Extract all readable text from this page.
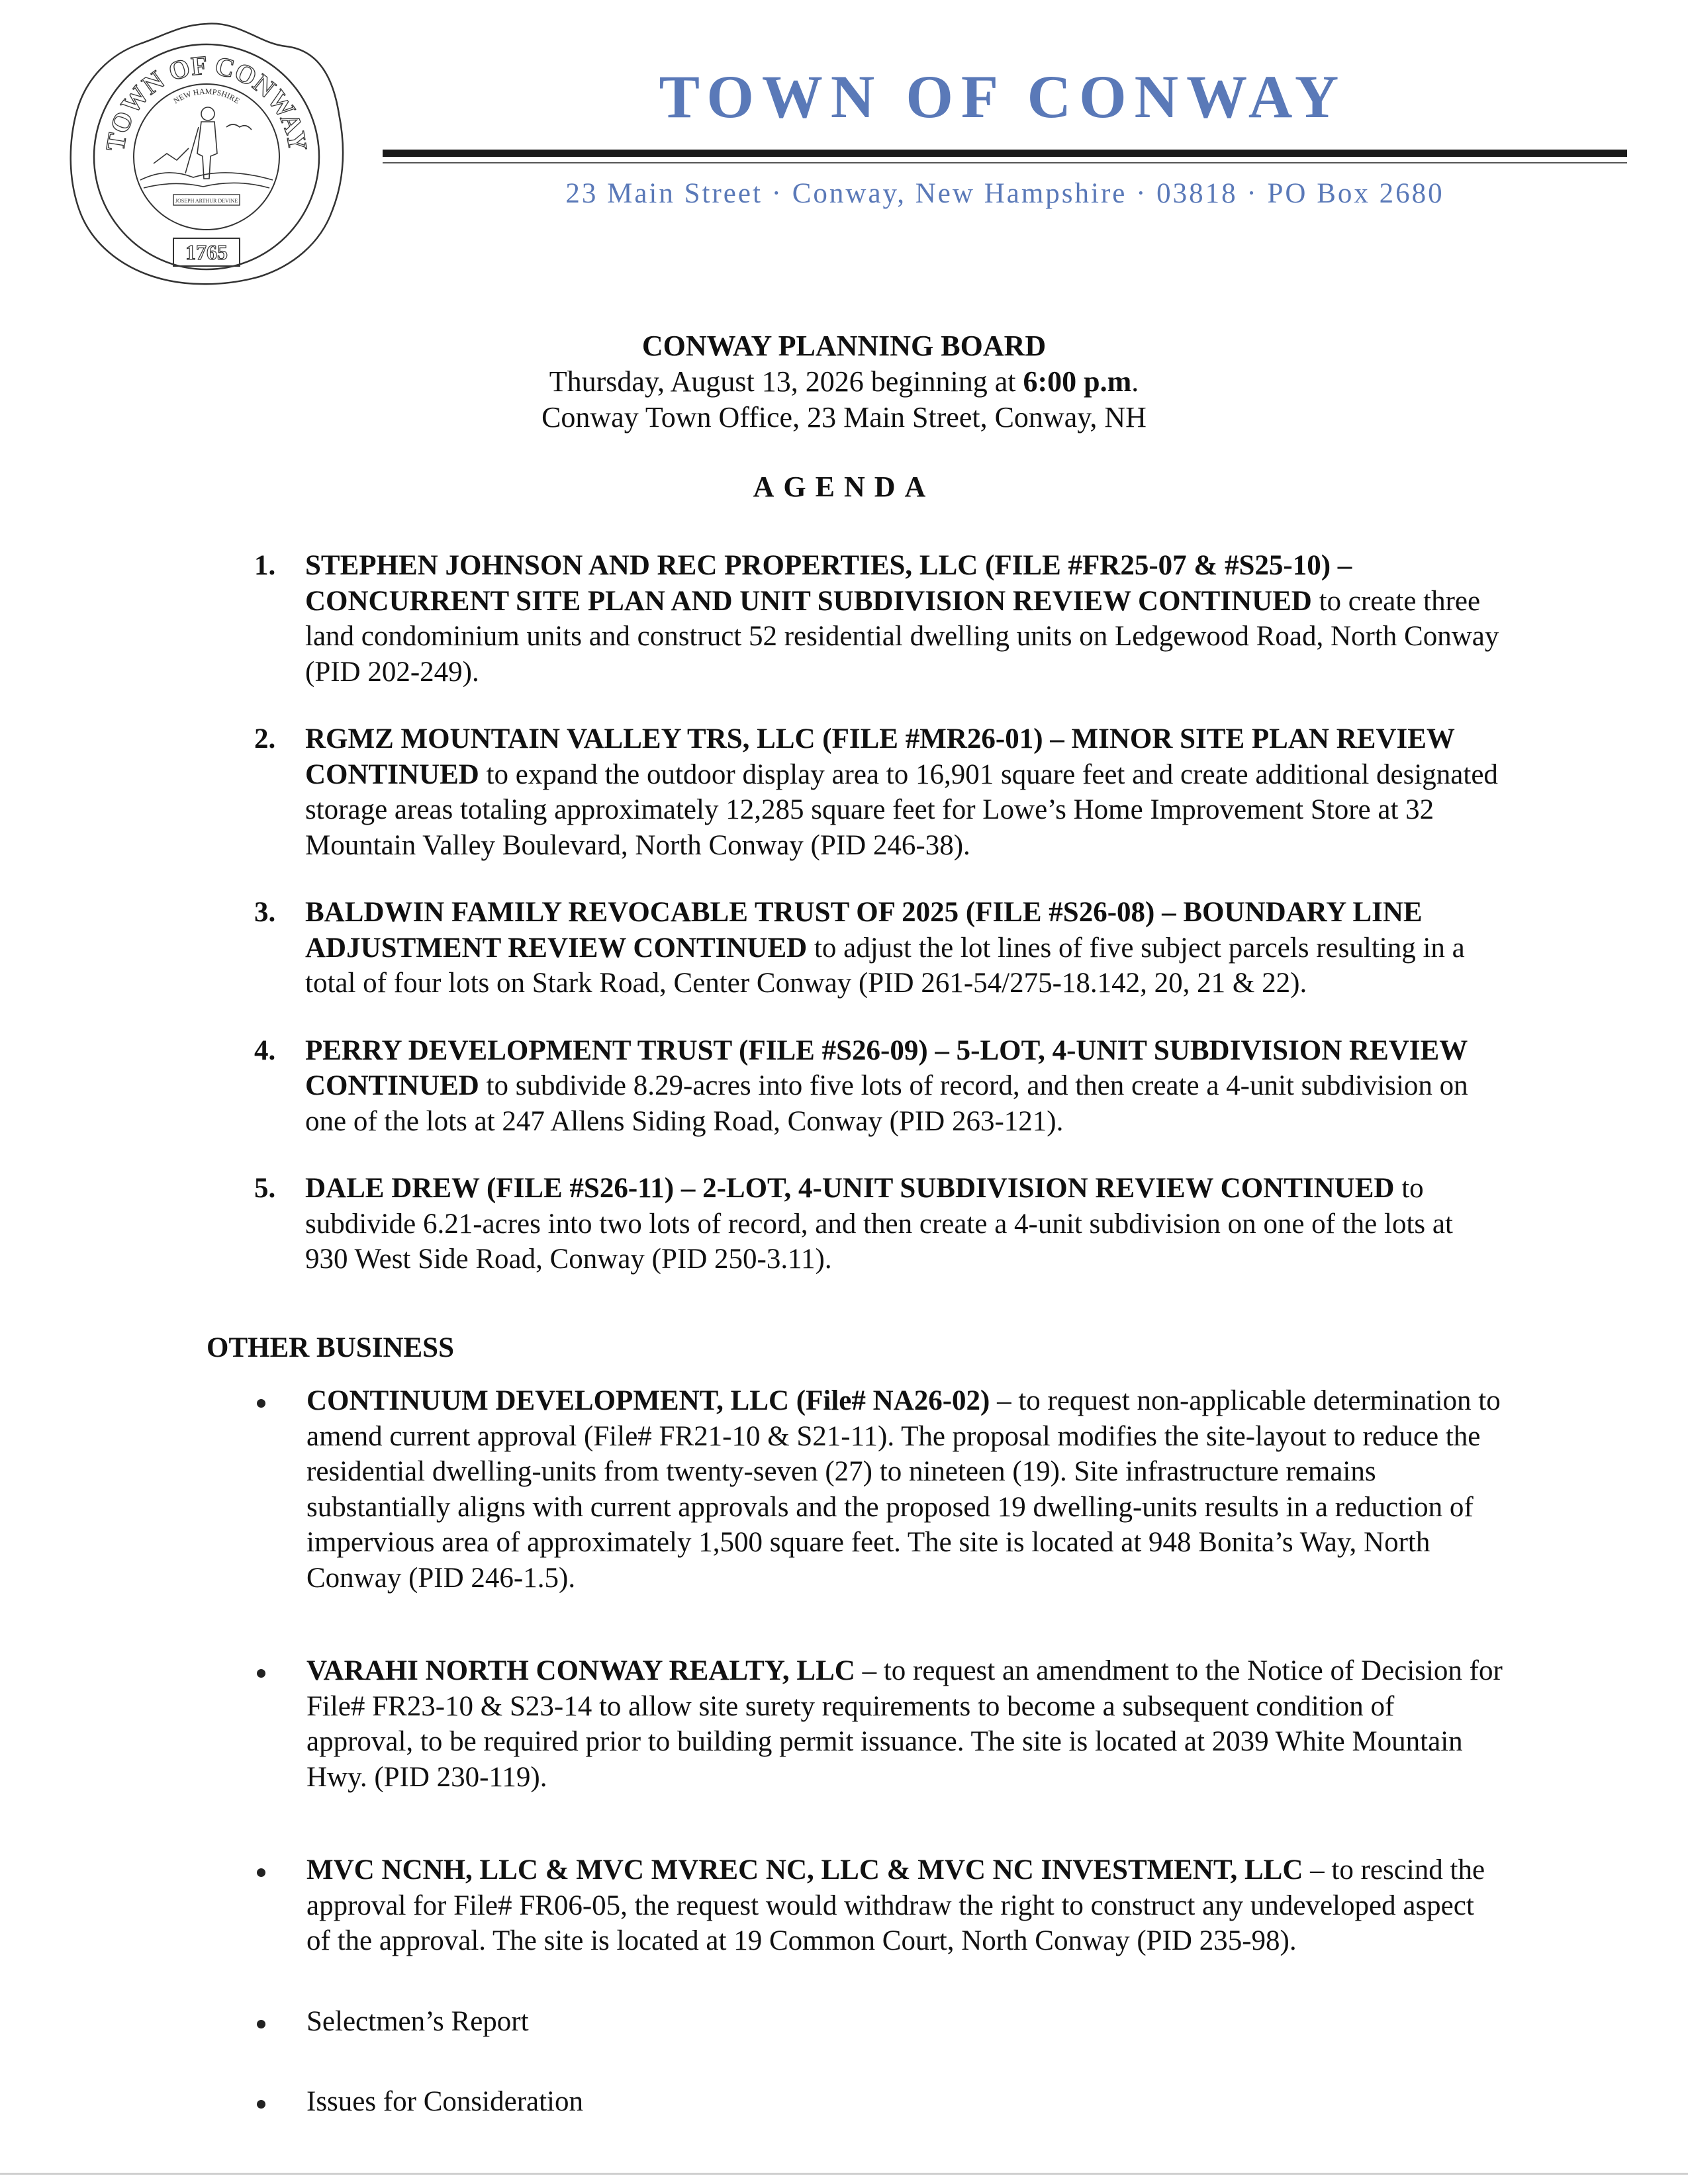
TOWN OF CONWAY
NEW HAMPSHIRE
JOSEPH ARTHUR DEVINE
1765
TOWN OF CONWAY
23 Main Street · Conway, New Hampshire · 03818 · PO Box 2680
CONWAY PLANNING BOARD
Thursday, August 13, 2026 beginning at 6:00 p.m.
Conway Town Office, 23 Main Street, Conway, NH
AGENDA
1. STEPHEN JOHNSON AND REC PROPERTIES, LLC (FILE #FR25-07 & #S25-10) – CONCURRENT SITE PLAN AND UNIT SUBDIVISION REVIEW CONTINUED to create three land condominium units and construct 52 residential dwelling units on Ledgewood Road, North Conway (PID 202-249).
2. RGMZ MOUNTAIN VALLEY TRS, LLC (FILE #MR26-01) – MINOR SITE PLAN REVIEW CONTINUED to expand the outdoor display area to 16,901 square feet and create additional designated storage areas totaling approximately 12,285 square feet for Lowe’s Home Improvement Store at 32 Mountain Valley Boulevard, North Conway (PID 246-38).
3. BALDWIN FAMILY REVOCABLE TRUST OF 2025 (FILE #S26-08) – BOUNDARY LINE ADJUSTMENT REVIEW CONTINUED to adjust the lot lines of five subject parcels resulting in a total of four lots on Stark Road, Center Conway (PID 261-54/275-18.142, 20, 21 & 22).
4. PERRY DEVELOPMENT TRUST (FILE #S26-09) – 5-LOT, 4-UNIT SUBDIVISION REVIEW CONTINUED to subdivide 8.29-acres into five lots of record, and then create a 4-unit subdivision on one of the lots at 247 Allens Siding Road, Conway (PID 263-121).
5. DALE DREW (FILE #S26-11) – 2-LOT, 4-UNIT SUBDIVISION REVIEW CONTINUED to subdivide 6.21-acres into two lots of record, and then create a 4-unit subdivision on one of the lots at 930 West Side Road, Conway (PID 250-3.11).
OTHER BUSINESS
CONTINUUM DEVELOPMENT, LLC (File# NA26-02) – to request non-applicable determination to amend current approval (File# FR21-10 & S21-11). The proposal modifies the site-layout to reduce the residential dwelling-units from twenty-seven (27) to nineteen (19). Site infrastructure remains substantially aligns with current approvals and the proposed 19 dwelling-units results in a reduction of impervious area of approximately 1,500 square feet. The site is located at 948 Bonita’s Way, North Conway (PID 246-1.5).
VARAHI NORTH CONWAY REALTY, LLC – to request an amendment to the Notice of Decision for File# FR23-10 & S23-14 to allow site surety requirements to become a subsequent condition of approval, to be required prior to building permit issuance. The site is located at 2039 White Mountain Hwy. (PID 230-119).
MVC NCNH, LLC & MVC MVREC NC, LLC & MVC NC INVESTMENT, LLC – to rescind the approval for File# FR06-05, the request would withdraw the right to construct any undeveloped aspect of the approval. The site is located at 19 Common Court, North Conway (PID 235-98).
Selectmen’s Report
Issues for Consideration
